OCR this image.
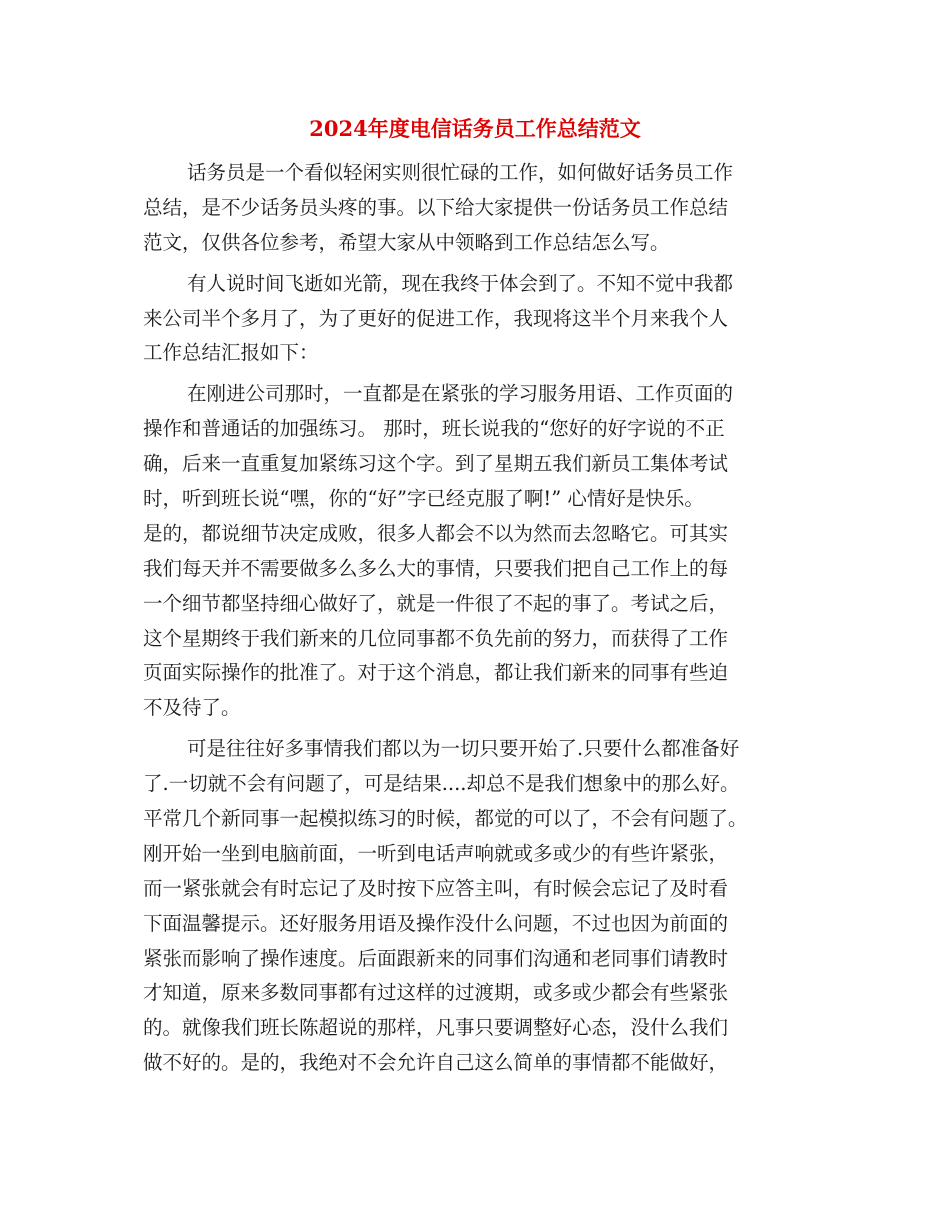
2024年度电信话务员工作总结范文
话务员是一个看似轻闲实则很忙碌的工作，如何做好话务员工作
总结，是不少话务员头疼的事。以下给大家提供一份话务员工作总结
范文，仅供各位参考，希望大家从中领略到工作总结怎么写。
有人说时间飞逝如光箭，现在我终于体会到了。不知不觉中我都
来公司半个多月了，为了更好的促进工作，我现将这半个月来我个人
工作总结汇报如下：
在刚进公司那时，一直都是在紧张的学习服务用语、工作页面的
操作和普通话的加强练习。 那时，班长说我的“您好的好字说的不正
确，后来一直重复加紧练习这个字。到了星期五我们新员工集体考试
时，听到班长说“嘿，你的“好”字已经克服了啊!” 心情好是快乐。
是的，都说细节决定成败，很多人都会不以为然而去忽略它。可其实
我们每天并不需要做多么多么大的事情，只要我们把自己工作上的每
一个细节都坚持细心做好了，就是一件很了不起的事了。考试之后，
这个星期终于我们新来的几位同事都不负先前的努力，而获得了工作
页面实际操作的批准了。对于这个消息，都让我们新来的同事有些迫
不及待了。
可是往往好多事情我们都以为一切只要开始了.只要什么都准备好
了.一切就不会有问题了，可是结果....却总不是我们想象中的那么好。
平常几个新同事一起模拟练习的时候，都觉的可以了，不会有问题了。
刚开始一坐到电脑前面，一听到电话声响就或多或少的有些许紧张，
而一紧张就会有时忘记了及时按下应答主叫，有时候会忘记了及时看
下面温馨提示。还好服务用语及操作没什么问题，不过也因为前面的
紧张而影响了操作速度。后面跟新来的同事们沟通和老同事们请教时
才知道，原来多数同事都有过这样的过渡期，或多或少都会有些紧张
的。就像我们班长陈超说的那样，凡事只要调整好心态，没什么我们
做不好的。是的，我绝对不会允许自己这么简单的事情都不能做好，
